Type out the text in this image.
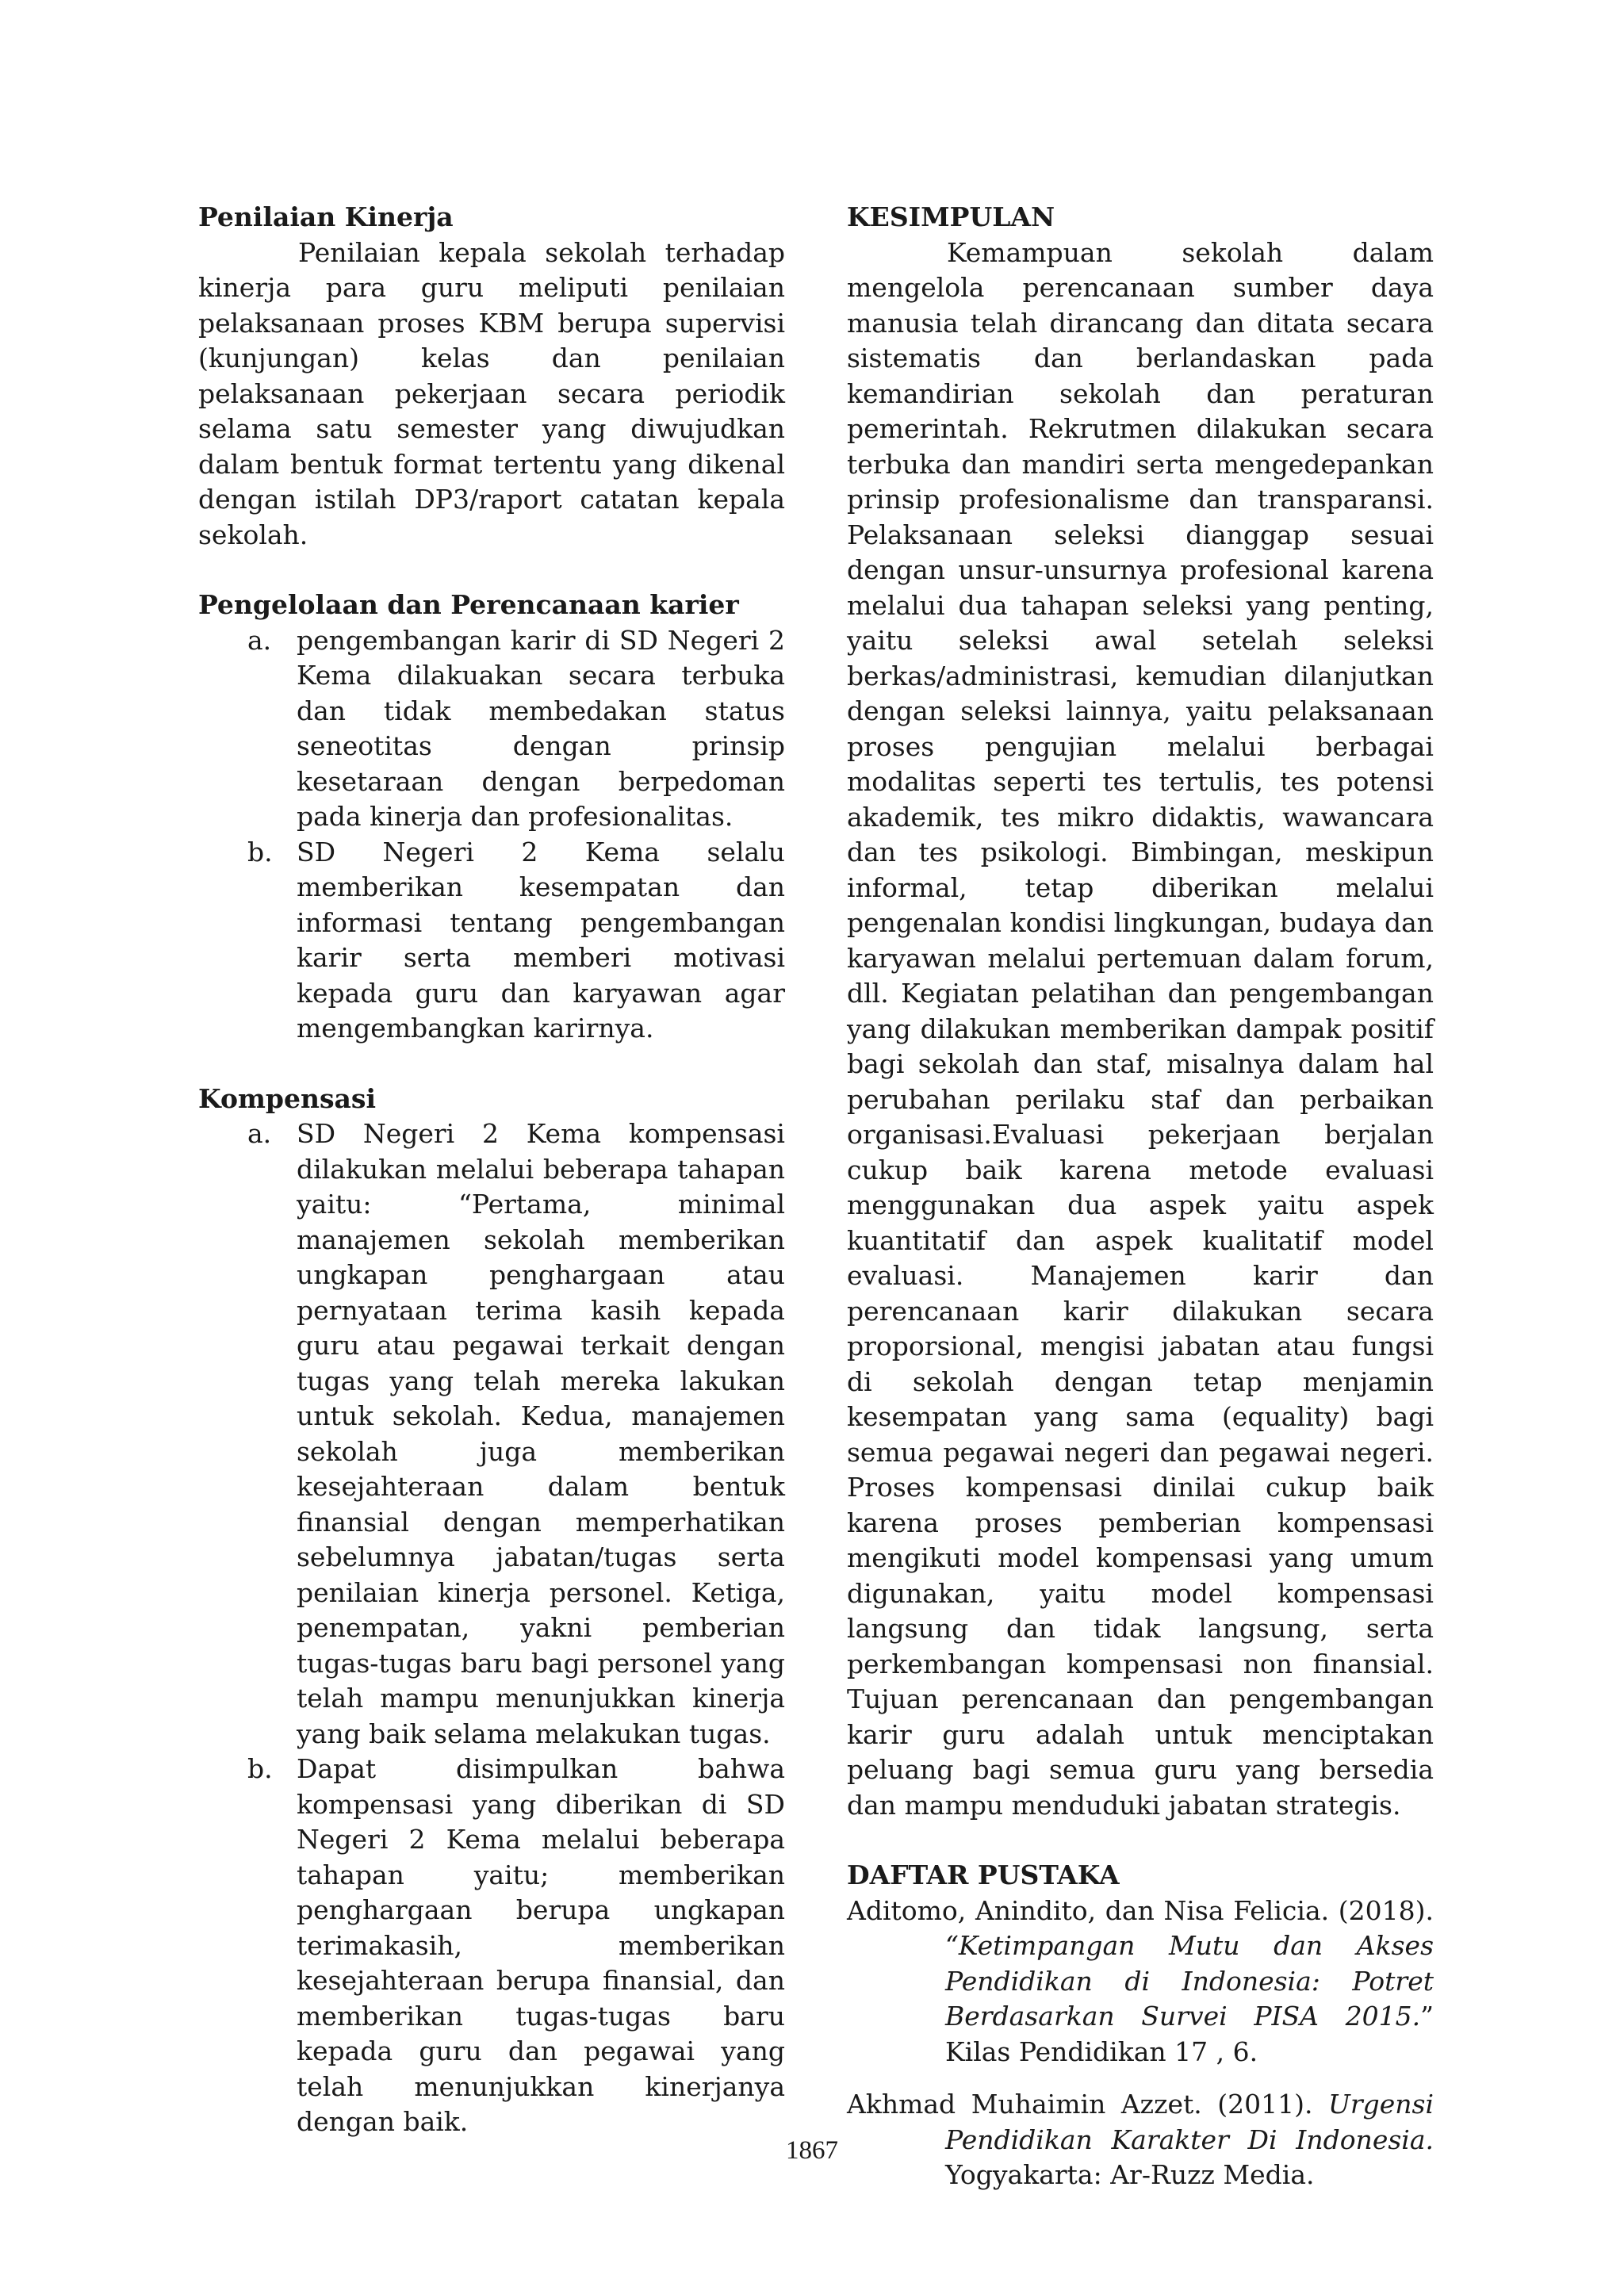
Penilaian Kinerja

Penilaian kepala sekolah terhadap kinerja para guru meliputi penilaian pelaksanaan proses KBM berupa supervisi (kunjungan) kelas dan penilaian pelaksanaan pekerjaan secara periodik selama satu semester yang diwujudkan dalam bentuk format tertentu yang dikenal dengan istilah DP3/raport catatan kepala sekolah.

Pengelolaan dan Perencanaan karier
a. pengembangan karir di SD Negeri 2 Kema dilakuakan secara terbuka dan tidak membedakan status seneotitas dengan prinsip kesetaraan dengan berpedoman pada kinerja dan profesionalitas.
b. SD Negeri 2 Kema selalu memberikan kesempatan dan informasi tentang pengembangan karir serta memberi motivasi kepada guru dan karyawan agar mengembangkan karirnya.
Kompensasi
a. SD Negeri 2 Kema kompensasi dilakukan melalui beberapa tahapan yaitu: “Pertama, minimal manajemen sekolah memberikan ungkapan penghargaan atau pernyataan terima kasih kepada guru atau pegawai terkait dengan tugas yang telah mereka lakukan untuk sekolah. Kedua, manajemen sekolah juga memberikan kesejahteraan dalam bentuk finansial dengan memperhatikan sebelumnya jabatan/tugas serta penilaian kinerja personel. Ketiga, penempatan, yakni pemberian tugas-tugas baru bagi personel yang telah mampu menunjukkan kinerja yang baik selama melakukan tugas.
b. Dapat disimpulkan bahwa kompensasi yang diberikan di SD Negeri 2 Kema melalui beberapa tahapan yaitu; memberikan penghargaan berupa ungkapan terimakasih, memberikan kesejahteraan berupa finansial, dan memberikan tugas-tugas baru kepada guru dan pegawai yang telah menunjukkan kinerjanya dengan baik.
KESIMPULAN

Kemampuan sekolah dalam mengelola perencanaan sumber daya manusia telah dirancang dan ditata secara sistematis dan berlandaskan pada kemandirian sekolah dan peraturan pemerintah. Rekrutmen dilakukan secara terbuka dan mandiri serta mengedepankan prinsip profesionalisme dan transparansi. Pelaksanaan seleksi dianggap sesuai dengan unsur-unsurnya profesional karena melalui dua tahapan seleksi yang penting, yaitu seleksi awal setelah seleksi berkas/administrasi, kemudian dilanjutkan dengan seleksi lainnya, yaitu pelaksanaan proses pengujian melalui berbagai modalitas seperti tes tertulis, tes potensi akademik, tes mikro didaktis, wawancara dan tes psikologi. Bimbingan, meskipun informal, tetap diberikan melalui pengenalan kondisi lingkungan, budaya dan karyawan melalui pertemuan dalam forum, dll. Kegiatan pelatihan dan pengembangan yang dilakukan memberikan dampak positif bagi sekolah dan staf, misalnya dalam hal perubahan perilaku staf dan perbaikan organisasi.Evaluasi pekerjaan berjalan cukup baik karena metode evaluasi menggunakan dua aspek yaitu aspek kuantitatif dan aspek kualitatif model evaluasi. Manajemen karir dan perencanaan karir dilakukan secara proporsional, mengisi jabatan atau fungsi di sekolah dengan tetap menjamin kesempatan yang sama (equality) bagi semua pegawai negeri dan pegawai negeri. Proses kompensasi dinilai cukup baik karena proses pemberian kompensasi mengikuti model kompensasi yang umum digunakan, yaitu model kompensasi langsung dan tidak langsung, serta perkembangan kompensasi non finansial. Tujuan perencanaan dan pengembangan karir guru adalah untuk menciptakan peluang bagi semua guru yang bersedia dan mampu menduduki jabatan strategis.

DAFTAR PUSTAKA

Aditomo, Anindito, dan Nisa Felicia. (2018). “Ketimpangan Mutu dan Akses Pendidikan di Indonesia: Potret Berdasarkan Survei PISA 2015.” Kilas Pendidikan 17 , 6.

Akhmad Muhaimin Azzet. (2011). Urgensi Pendidikan Karakter Di Indonesia. Yogyakarta: Ar-Ruzz Media.

1867
